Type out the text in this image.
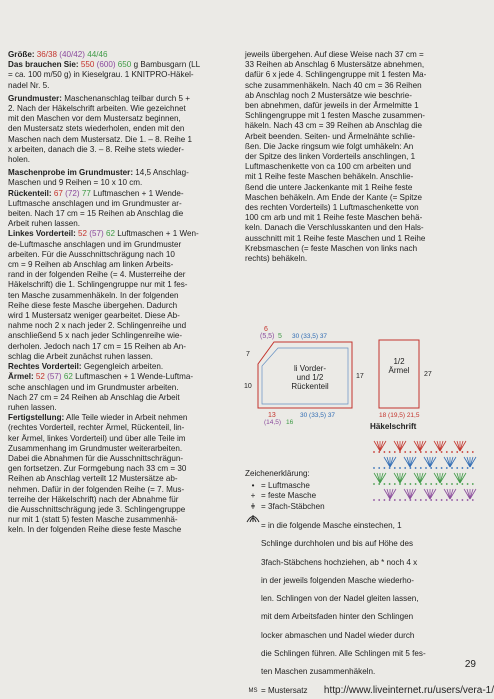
Größe: 36/38 (40/42) 44/46

Das brauchen Sie: 550 (600) 650 g Bambusgarn (LL

= ca. 100 m/50 g) in Kieselgrau. 1 KNITPRO-Häkel-

nadel Nr. 5.

Grundmuster: Maschenanschlag teilbar durch 5 +

2. Nach der Häkelschrift arbeiten. Wie gezeichnet

mit den Maschen vor dem Mustersatz beginnen,

den Mustersatz stets wiederholen, enden mit den

Maschen nach dem Mustersatz. Die 1. – 8. Reihe 1

x arbeiten, danach die 3. – 8. Reihe stets wieder-

holen.

Maschenprobe im Grundmuster: 14,5 Anschlag-

Maschen und 9 Reihen = 10 x 10 cm.

Rückenteil: 67 (72) 77 Luftmaschen + 1 Wende-

Luftmasche anschlagen und im Grundmuster ar-

beiten. Nach 17 cm = 15 Reihen ab Anschlag die

Arbeit ruhen lassen.

Linkes Vorderteil: 52 (57) 62 Luftmaschen + 1 Wen-

de-Luftmasche anschlagen und im Grundmuster

arbeiten. Für die Ausschnittschrägung nach 10

cm = 9 Reihen ab Anschlag am linken Arbeits-

rand in der folgenden Reihe (= 4. Musterreihe der

Häkelschrift) die 1. Schlingengruppe nur mit 1 fes-

ten Masche zusammenhäkeln. In der folgenden

Reihe diese feste Masche übergehen. Dadurch

wird 1 Mustersatz weniger gearbeitet. Diese Ab-

nahme noch 2 x nach jeder 2. Schlingenreihe und

anschließend 5 x nach jeder Schlingenreihe wie-

derholen. Jedoch nach 17 cm = 15 Reihen ab An-

schlag die Arbeit zunächst ruhen lassen.

Rechtes Vorderteil: Gegengleich arbeiten.

Ärmel: 52 (57) 62 Luftmaschen + 1 Wende-Luftma-

sche anschlagen und im Grundmuster arbeiten.

Nach 27 cm = 24 Reihen ab Anschlag die Arbeit

ruhen lassen.

Fertigstellung: Alle Teile wieder in Arbeit nehmen

(rechtes Vorderteil, rechter Ärmel, Rückenteil, lin-

ker Ärmel, linkes Vorderteil) und über alle Teile im

Zusammenhang im Grundmuster weiterarbeiten.

Dabei die Abnahmen für die Ausschnittschrägun-

gen fortsetzen. Zur Formgebung nach 33 cm = 30

Reihen ab Anschlag verteilt 12 Mustersätze ab-

nehmen. Dafür in der folgenden Reihe (= 7. Mus-

terreihe der Häkelschrift) nach der Abnahme für

die Ausschnittschrägung jede 3. Schlingengruppe

nur mit 1 (statt 5) festen Masche zusammenhä-

keln. In der folgenden Reihe diese feste Masche

jeweils übergehen. Auf diese Weise nach 37 cm =

33 Reihen ab Anschlag 6 Mustersätze abnehmen,

dafür 6 x jede 4. Schlingengruppe mit 1 festen Ma-

sche zusammenhäkeln. Nach 40 cm = 36 Reihen

ab Anschlag noch 2 Mustersätze wie beschrie-

ben abnehmen, dafür jeweils in der Ärmelmitte 1

Schlingengruppe mit 1 festen Masche zusammen-

häkeln. Nach 43 cm = 39 Reihen ab Anschlag die

Arbeit beenden. Seiten- und Ärmelnähte schlie-

ßen. Die Jacke ringsum wie folgt umhäkeln: An

der Spitze des linken Vorderteils anschlingen, 1

Luftmaschenkette von ca 100 cm arbeiten und

mit 1 Reihe feste Maschen behäkeln. Anschlie-

ßend die untere Jackenkante mit 1 Reihe feste

Maschen behäkeln. Am Ende der Kante (= Spitze

des rechten Vorderteils) 1 Luftmaschenkette von

100 cm arb und mit 1 Reihe feste Maschen behä-

keln. Danach die Verschlusskanten und den Hals-

ausschnitt mit 1 Reihe feste Maschen und 1 Reihe

Krebsmaschen (= feste Maschen von links nach

rechts) behäkeln.

li Vorder-
und 1/2
Rückenteil
6
(5,5) 5 30 (33,5) 37
7
10
17
13
(14,5) 16
30 (33,5) 37
1/2
Ärmel 27
18 (19,5) 21,5
Häkelschrift

Zeichenerklärung:

• = Luftmasche
+ = feste Masche
ǂ = 3fach-Stäbchen

= in die folgende Masche einstechen, 1

Schlinge durchholen und bis auf Höhe des

3fach-Stäbchens hochziehen, ab * noch 4 x

in der jeweils folgenden Masche wiederho-

len. Schlingen von der Nadel gleiten lassen,

mit dem Arbeitsfaden hinter den Schlingen

locker abmaschen und Nadel wieder durch

die Schlingen führen. Alle Schlingen mit 5 fes-

ten Maschen zusammenhäkeln.

MS = Mustersatz
29
http://www.liveinternet.ru/users/vera-1/
